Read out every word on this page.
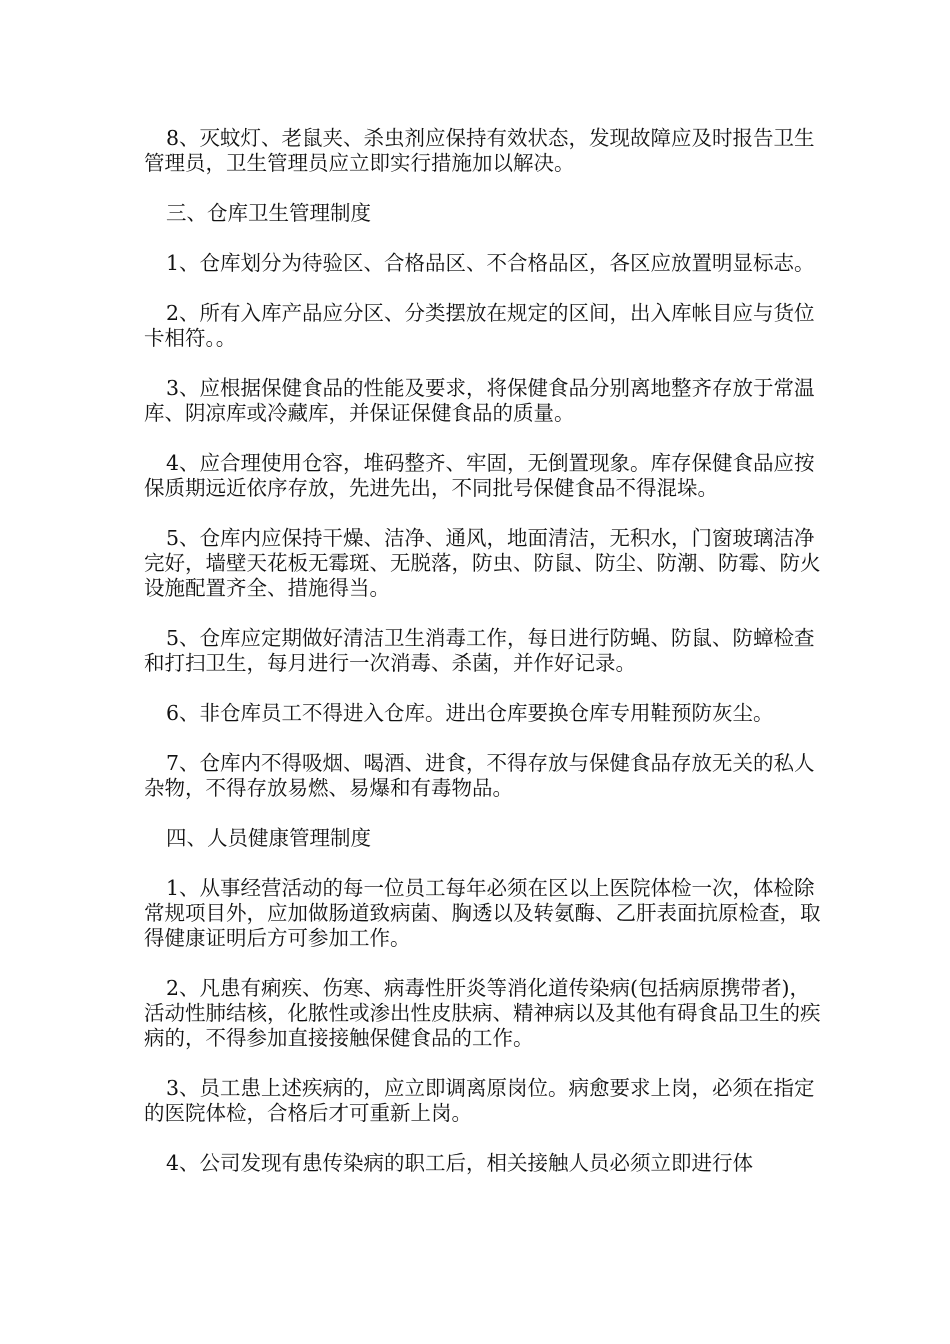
8、灭蚊灯、老鼠夹、杀虫剂应保持有效状态，发现故障应及时报告卫生管理员，卫生管理员应立即实行措施加以解决。

三、仓库卫生管理制度

1、仓库划分为待验区、合格品区、不合格品区，各区应放置明显标志。

2、所有入库产品应分区、分类摆放在规定的区间，出入库帐目应与货位卡相符。。

3、应根据保健食品的性能及要求，将保健食品分别离地整齐存放于常温库、阴凉库或冷藏库，并保证保健食品的质量。

4、应合理使用仓容，堆码整齐、牢固，无倒置现象。库存保健食品应按保质期远近依序存放，先进先出，不同批号保健食品不得混垛。

5、仓库内应保持干燥、洁净、通风，地面清洁，无积水，门窗玻璃洁净完好，墙壁天花板无霉斑、无脱落，防虫、防鼠、防尘、防潮、防霉、防火设施配置齐全、措施得当。

5、仓库应定期做好清洁卫生消毒工作，每日进行防蝇、防鼠、防蟑检查和打扫卫生，每月进行一次消毒、杀菌，并作好记录。

6、非仓库员工不得进入仓库。进出仓库要换仓库专用鞋预防灰尘。

7、仓库内不得吸烟、喝酒、进食，不得存放与保健食品存放无关的私人杂物，不得存放易燃、易爆和有毒物品。

四、人员健康管理制度

1、从事经营活动的每一位员工每年必须在区以上医院体检一次，体检除常规项目外，应加做肠道致病菌、胸透以及转氨酶、乙肝表面抗原检查，取得健康证明后方可参加工作。

2、凡患有痢疾、伤寒、病毒性肝炎等消化道传染病(包括病原携带者)，活动性肺结核，化脓性或渗出性皮肤病、精神病以及其他有碍食品卫生的疾病的，不得参加直接接触保健食品的工作。

3、员工患上述疾病的，应立即调离原岗位。病愈要求上岗，必须在指定的医院体检，合格后才可重新上岗。

4、公司发现有患传染病的职工后，相关接触人员必须立即进行体
